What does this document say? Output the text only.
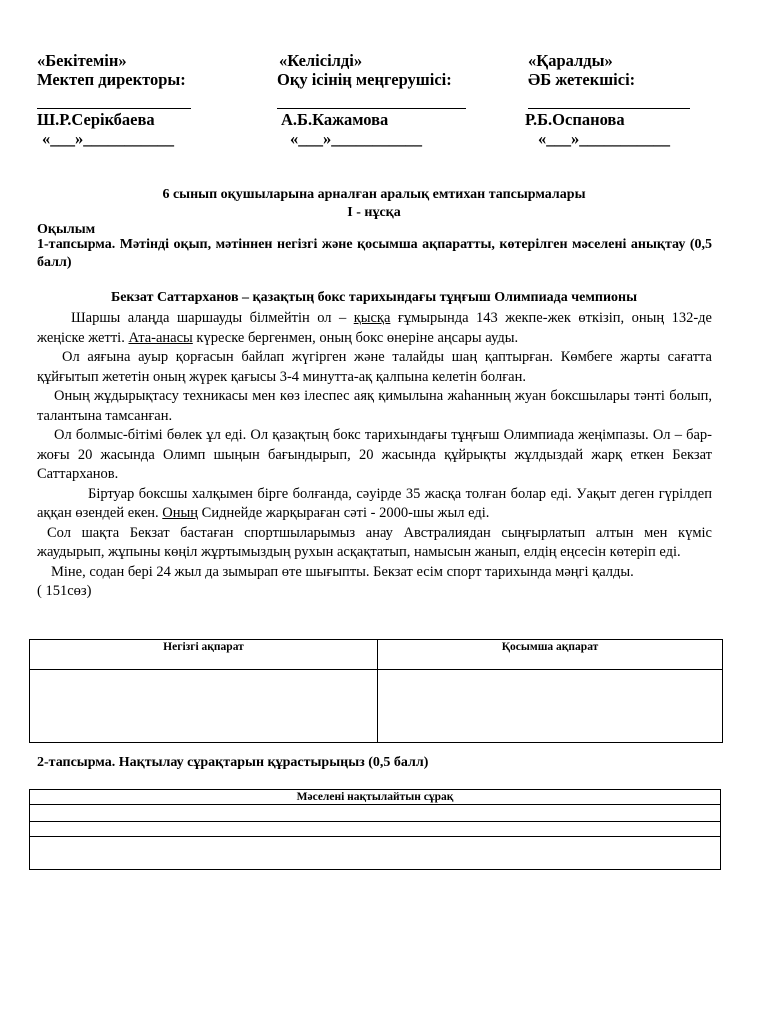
«Бекітемін»
Мектеп директоры:
Ш.Р.Серікбаева
«___»___________
«Келісілді»
Оқу ісінің меңгерушісі:
А.Б.Кажамова
«___»___________
«Қаралды»
ӘБ жетекшісі:
Р.Б.Оспанова
«___»___________
6 сынып оқушыларына арналған аралық емтихан тапсырмалары
І - нұсқа
Оқылым
1-тапсырма. Мәтінді оқып, мәтіннен негізгі және қосымша ақпаратты, көтерілген мәселені анықтау (0,5 балл)
Бекзат Саттарханов – қазақтың бокс тарихындағы тұңғыш Олимпиада чемпионы

Шаршы алаңда шаршауды білмейтін ол – қысқа ғұмырында 143 жекпе-жек өткізіп, оның 132-де жеңіске жетті. Ата-анасы күреске бергенмен, оның бокс өнеріне аңсары ауды.

Ол аяғына ауыр қорғасын байлап жүгірген және талайды шаң қаптырған. Көмбеге жарты сағатта құйғытып жететін оның жүрек қағысы 3-4 минутта-ақ қалпына келетін болған.

Оның жұдырықтасу техникасы мен көз ілеспес аяқ қимылына жаһанның жуан боксшылары тәнті болып, талантына тамсанған.

Ол болмыс-бітімі бөлек ұл еді. Ол қазақтың бокс тарихындағы тұңғыш Олимпиада жеңімпазы. Ол – бар-жоғы 20 жасында Олимп шыңын бағындырып, 20 жасында құйрықты жұлдыздай жарқ еткен Бекзат Саттарханов.

Біртуар боксшы халқымен бірге болғанда, сәуірде 35 жасқа толған болар еді. Уақыт деген гүрілдеп аққан өзендей екен. Оның Сиднейде жарқыраған сәті - 2000-шы жыл еді.

Сол шақта Бекзат бастаған спортшыларымыз анау Австралиядан сыңғырлатып алтын мен күміс жаудырып, жұпыны көңіл жұртымыздың рухын асқақтатып, намысын жанып, елдің еңсесін көтеріп еді.

Міне, содан бері 24 жыл да зымырап өте шығыпты. Бекзат есім спорт тарихында мәңгі қалды.

( 151сөз)

Негізгі ақпарат	Қосымша ақпарат

2-тапсырма. Нақтылау сұрақтарын құрастырыңыз (0,5 балл)
Мәселені нақтылайтын сұрақ
